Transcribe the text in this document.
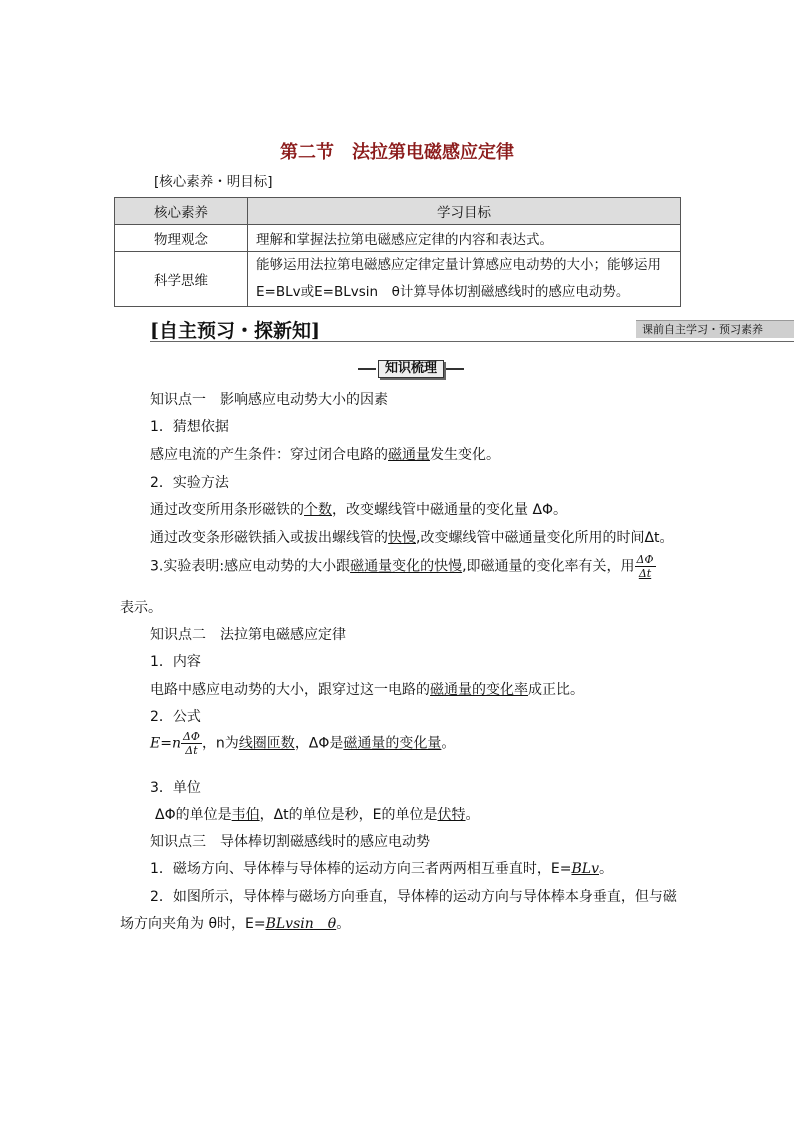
第二节　法拉第电磁感应定律
[核心素养・明目标]
核心素养	学习目标
物理观念	理解和掌握法拉第电磁感应定律的内容和表达式。
科学思维	能够运用法拉第电磁感应定律定量计算感应电动势的大小；能够运用
E=BLv或E=BLvsin　θ计算导体切割磁感线时的感应电动势。
[自主预习・探新知]	课前自主学习・预习素养
知识梳理
知识点一　影响感应电动势大小的因素
1．猜想依据
感应电流的产生条件：穿过闭合电路的磁通量发生变化。
2．实验方法
通过改变所用条形磁铁的个数，改变螺线管中磁通量的变化量 ΔΦ。
通过改变条形磁铁插入或拔出螺线管的快慢,改变螺线管中磁通量变化所用的时间Δt。
3.实验表明:感应电动势的大小跟磁通量变化的快慢,即磁通量的变化率有关，用 $\frac{\Delta\Phi}{\Delta t}$
表示。
知识点二　法拉第电磁感应定律
1．内容
电路中感应电动势的大小，跟穿过这一电路的磁通量的变化率成正比。
2．公式
$E=n \frac{\Delta\Phi}{\Delta t}$ ，n为线圈匝数，ΔΦ是磁通量的变化量。
3．单位
ΔΦ的单位是韦伯，Δt的单位是秒，E的单位是伏特。
知识点三　导体棒切割磁感线时的感应电动势
1．磁场方向、导体棒与导体棒的运动方向三者两两相互垂直时，E=BLv。
2．如图所示，导体棒与磁场方向垂直，导体棒的运动方向与导体棒本身垂直，但与磁
场方向夹角为 θ时，E=BLvsin　θ。
